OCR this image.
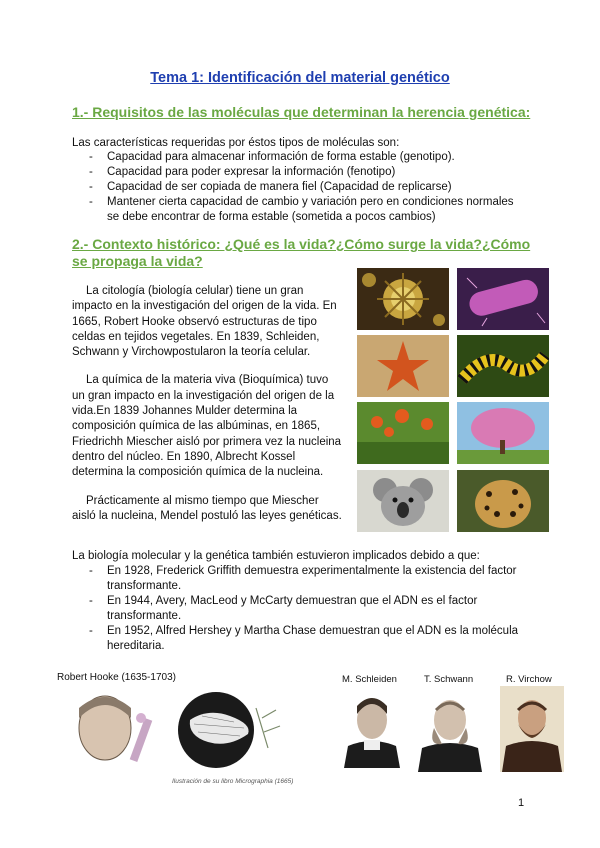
Tema 1: Identificación del material genético
1.- Requisitos de las moléculas que determinan la herencia genética:
Las características requeridas por éstos tipos de moléculas son:
- Capacidad para almacenar información de forma estable (genotipo).
- Capacidad para poder expresar la información (fenotipo)
- Capacidad de ser copiada de manera fiel (Capacidad de replicarse)
- Mantener cierta capacidad de cambio y variación pero en condiciones normales se debe encontrar de forma estable (sometida a pocos cambios)
2.- Contexto histórico: ¿Qué es la vida?¿Cómo surge la vida?¿Cómo se propaga la vida?

La citología (biología celular) tiene un gran impacto en la investigación del origen de la vida. En 1665, Robert Hooke observó estructuras de tipo celdas en tejidos vegetales. En 1839, Schleiden, Schwann y Virchowpostularon la teoría celular.

La química de la materia viva (Bioquímica) tuvo un gran impacto en la investigación del origen de la vida.En 1839 Johannes Mulder determina la composición química de las albúminas, en 1865, Friedrichh Miescher aisló por primera vez la nucleina dentro del núcleo. En 1890, Albrecht Kossel determina la composición química de la nucleina.

Prácticamente al mismo tiempo que Miescher aisló la nucleina, Mendel postuló las leyes genéticas.

La biología molecular y la genética también estuvieron implicados debido a que:
- En 1928, Frederick Griffith demuestra experimentalmente la existencia del factor transformante.
- En 1944, Avery, MacLeod y McCarty demuestran que el ADN es el factor transformante.
- En 1952, Alfred Hershey y Martha Chase demuestran que el ADN es la molécula hereditaria.
Robert Hooke (1635-1703)
Ilustración de su libro Micrographia (1665)
M. Schleiden	T. Schwann	R. Virchow
1
